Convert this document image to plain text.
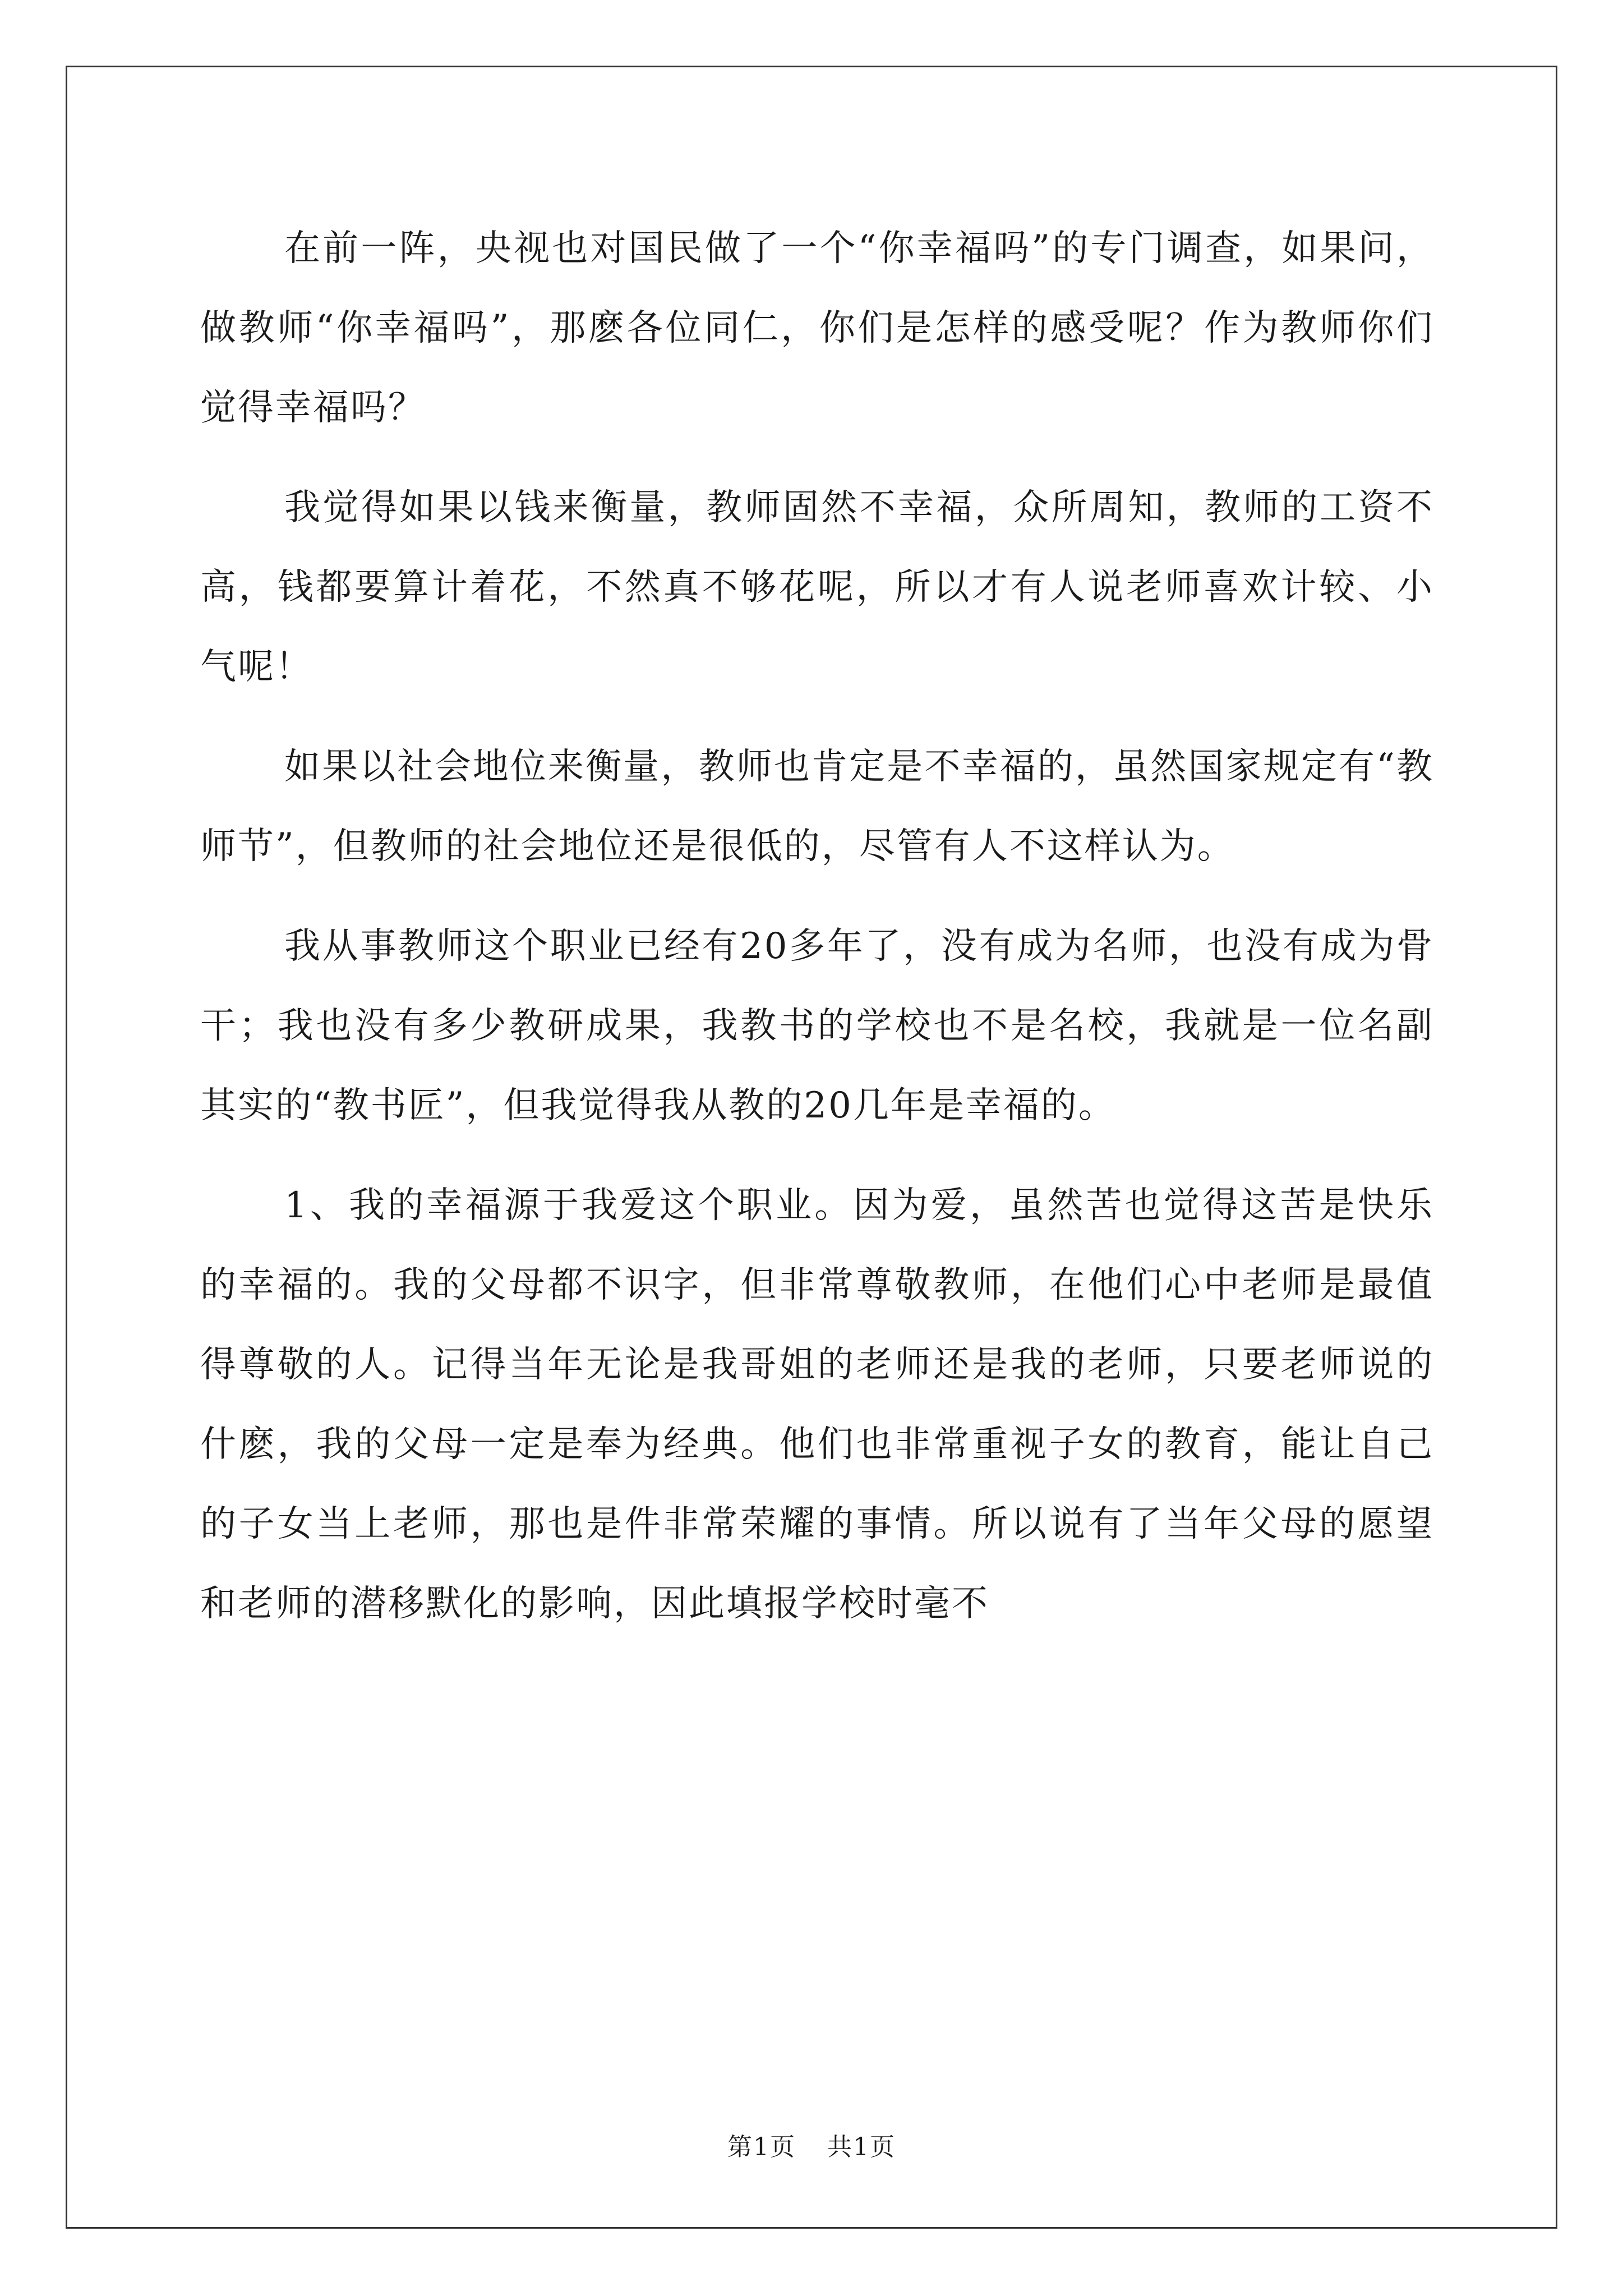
在前一阵，央视也对国民做了一个“你幸福吗”的专门调查，如果问，做教师“你幸福吗”，那麽各位同仁，你们是怎样的感受呢？作为教师你们觉得幸福吗？

我觉得如果以钱来衡量，教师固然不幸福，众所周知，教师的工资不高，钱都要算计着花，不然真不够花呢，所以才有人说老师喜欢计较、小气呢！

如果以社会地位来衡量，教师也肯定是不幸福的，虽然国家规定有“教师节”，但教师的社会地位还是很低的，尽管有人不这样认为。

我从事教师这个职业已经有20多年了，没有成为名师，也没有成为骨干；我也没有多少教研成果，我教书的学校也不是名校，我就是一位名副其实的“教书匠”，但我觉得我从教的20几年是幸福的。

1、我的幸福源于我爱这个职业。因为爱，虽然苦也觉得这苦是快乐的幸福的。我的父母都不识字，但非常尊敬教师，在他们心中老师是最值得尊敬的人。记得当年无论是我哥姐的老师还是我的老师，只要老师说的什麽，我的父母一定是奉为经典。他们也非常重视子女的教育，能让自己的子女当上老师，那也是件非常荣耀的事情。所以说有了当年父母的愿望和老师的潜移默化的影响，因此填报学校时毫不

第1页 共1页
